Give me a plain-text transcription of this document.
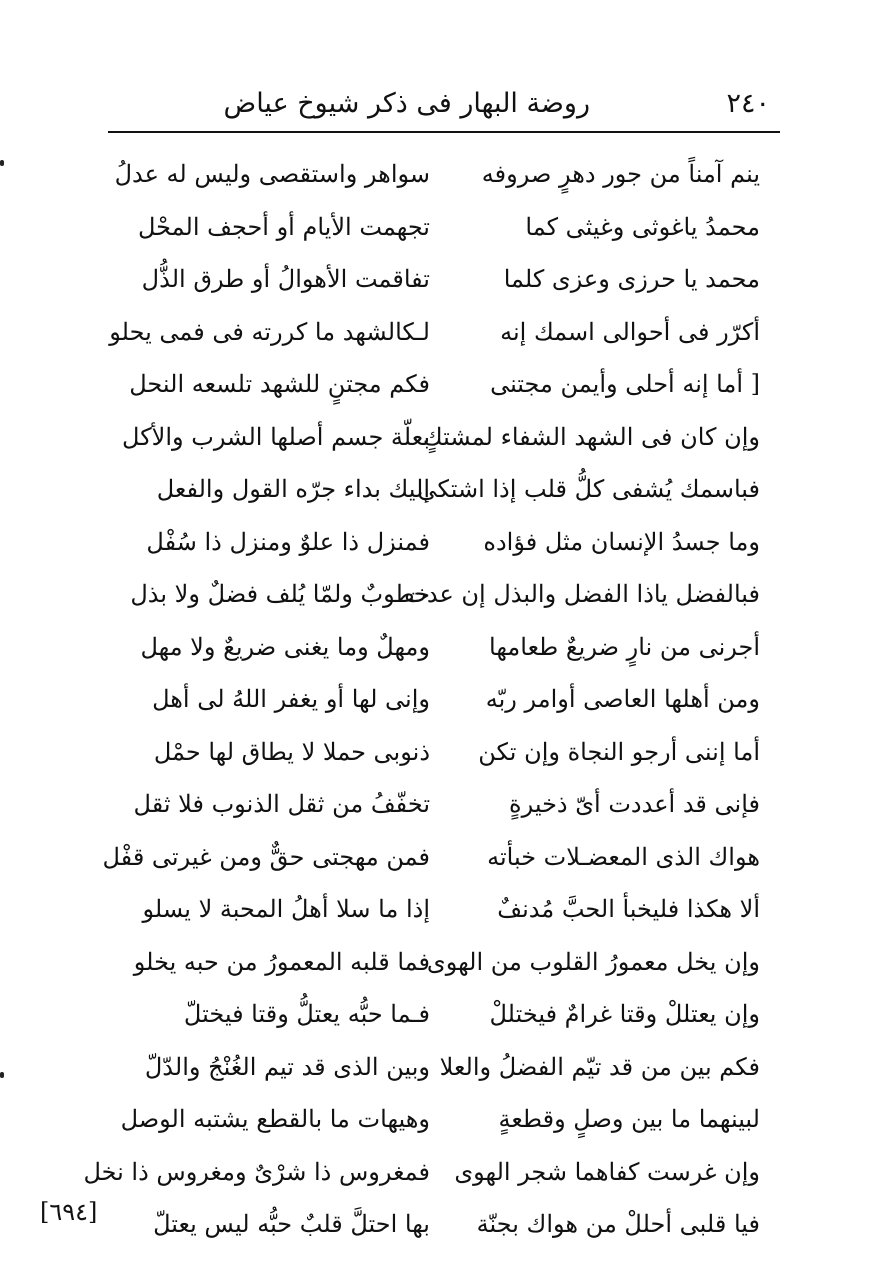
٢٤٠
روضة البهار فى ذكر شيوخ عياض
ينم آمناً من جور دهرٍ صروفه
سواهر واستقصى وليس له عدلُ
محمدُ ياغوثى وغيثى كما
تجهمت الأيام أو أحجف المحْل
محمد يا حرزى وعزى كلما
تفاقمت الأهوالُ أو طرق الذُّل
أكرّر فى أحوالى اسمك إنه
لـكالشهد ما كررته فى فمى يحلو
[ أما إنه أحلى وأيمن مجتنى
فكم مجتنٍ للشهد تلسعه النحل
وإن كان فى الشهد الشفاء لمشتكٍ
بعلّة جسم أصلها الشرب والأكل
فباسمك يُشفى كلُّ قلب إذا اشتكى
إليك بداء جرّه القول والفعل
وما جسدُ الإنسان مثل فؤاده
فمنزل ذا علوٌ ومنزل ذا سُفْل
فبالفضل ياذا الفضل والبذل إن عدت
خطوبٌ ولمّا يُلف فضلٌ ولا بذل
أجرنى من نارٍ ضريعٌ طعامها
ومهلٌ وما يغنى ضريعٌ ولا مهل
ومن أهلها العاصى أوامر ربّه
وإنى لها أو يغفر اللهُ لى أهل
أما إننى أرجو النجاة وإن تكن
ذنوبى حملا لا يطاق لها حمْل
فإنى قد أعددت أىّ ذخيرةٍ
تخفّفُ من ثقل الذنوب فلا ثقل
هواك الذى المعضـلات خبأته
فمن مهجتى حقٌّ ومن غيرتى قفْل
ألا هكذا فليخبأ الحبَّ مُدنفٌ
إذا ما سلا أهلُ المحبة لا يسلو
وإن يخل معمورُ القلوب من الهوى
فما قلبه المعمورُ من حبه يخلو
وإن يعتللْ وقتا غرامٌ فيختللْ
فـما حبُّه يعتلُّ وقتا فيختلّ
فكم بين من قد تيّم الفضلُ والعلا
وبين الذى قد تيم الغُنْجُ والدّلّ
لبينهما ما بين وصلٍ وقطعةٍ
وهيهات ما بالقطع يشتبه الوصل
وإن غرست كفاهما شجر الهوى
فمغروس ذا شرْىٌ ومغروس ذا نخل
فيا قلبى أحللْ من هواك بجنّة
بها احتلَّ قلبٌ حبُّه ليس يعتلّ
[٦٩٤]
